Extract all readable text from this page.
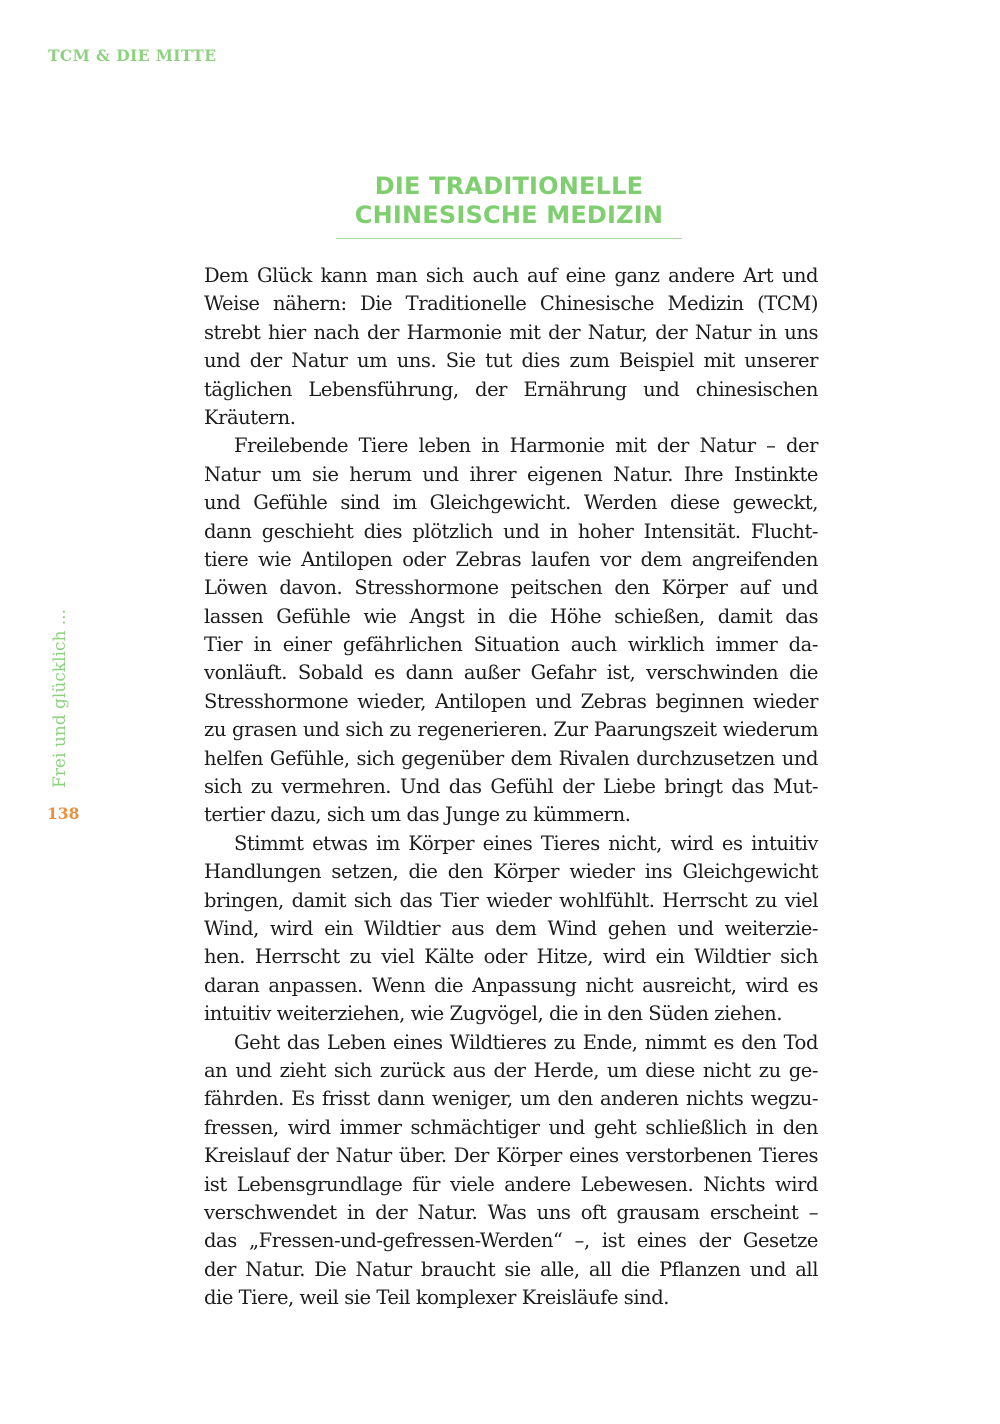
TCM & DIE MITTE
DIE TRADITIONELLE
CHINESISCHE MEDIZIN
Frei und glücklich ...
138
Dem Glück kann man sich auch auf eine ganz andere Art und
Weise nähern: Die Traditionelle Chinesische Medizin (TCM)
strebt hier nach der Harmonie mit der Natur, der Natur in uns
und der Natur um uns. Sie tut dies zum Beispiel mit unserer
täglichen Lebensführung, der Ernährung und chinesischen
Kräutern.
Freilebende Tiere leben in Harmonie mit der Natur – der
Natur um sie herum und ihrer eigenen Natur. Ihre Instinkte
und Gefühle sind im Gleichgewicht. Werden diese geweckt,
dann geschieht dies plötzlich und in hoher Intensität. Flucht-
tiere wie Antilopen oder Zebras laufen vor dem angreifenden
Löwen davon. Stresshormone peitschen den Körper auf und
lassen Gefühle wie Angst in die Höhe schießen, damit das
Tier in einer gefährlichen Situation auch wirklich immer da-
vonläuft. Sobald es dann außer Gefahr ist, verschwinden die
Stresshormone wieder, Antilopen und Zebras beginnen wieder
zu grasen und sich zu regenerieren. Zur Paarungszeit wiederum
helfen Gefühle, sich gegenüber dem Rivalen durchzusetzen und
sich zu vermehren. Und das Gefühl der Liebe bringt das Mut-
tertier dazu, sich um das Junge zu kümmern.
Stimmt etwas im Körper eines Tieres nicht, wird es intuitiv
Handlungen setzen, die den Körper wieder ins Gleichgewicht
bringen, damit sich das Tier wieder wohlfühlt. Herrscht zu viel
Wind, wird ein Wildtier aus dem Wind gehen und weiterzie-
hen. Herrscht zu viel Kälte oder Hitze, wird ein Wildtier sich
daran anpassen. Wenn die Anpassung nicht ausreicht, wird es
intuitiv weiterziehen, wie Zugvögel, die in den Süden ziehen.
Geht das Leben eines Wildtieres zu Ende, nimmt es den Tod
an und zieht sich zurück aus der Herde, um diese nicht zu ge-
fährden. Es frisst dann weniger, um den anderen nichts wegzu-
fressen, wird immer schmächtiger und geht schließlich in den
Kreislauf der Natur über. Der Körper eines verstorbenen Tieres
ist Lebensgrundlage für viele andere Lebewesen. Nichts wird
verschwendet in der Natur. Was uns oft grausam erscheint –
das „Fressen-und-gefressen-Werden“ –, ist eines der Gesetze
der Natur. Die Natur braucht sie alle, all die Pflanzen und all
die Tiere, weil sie Teil komplexer Kreisläufe sind.
